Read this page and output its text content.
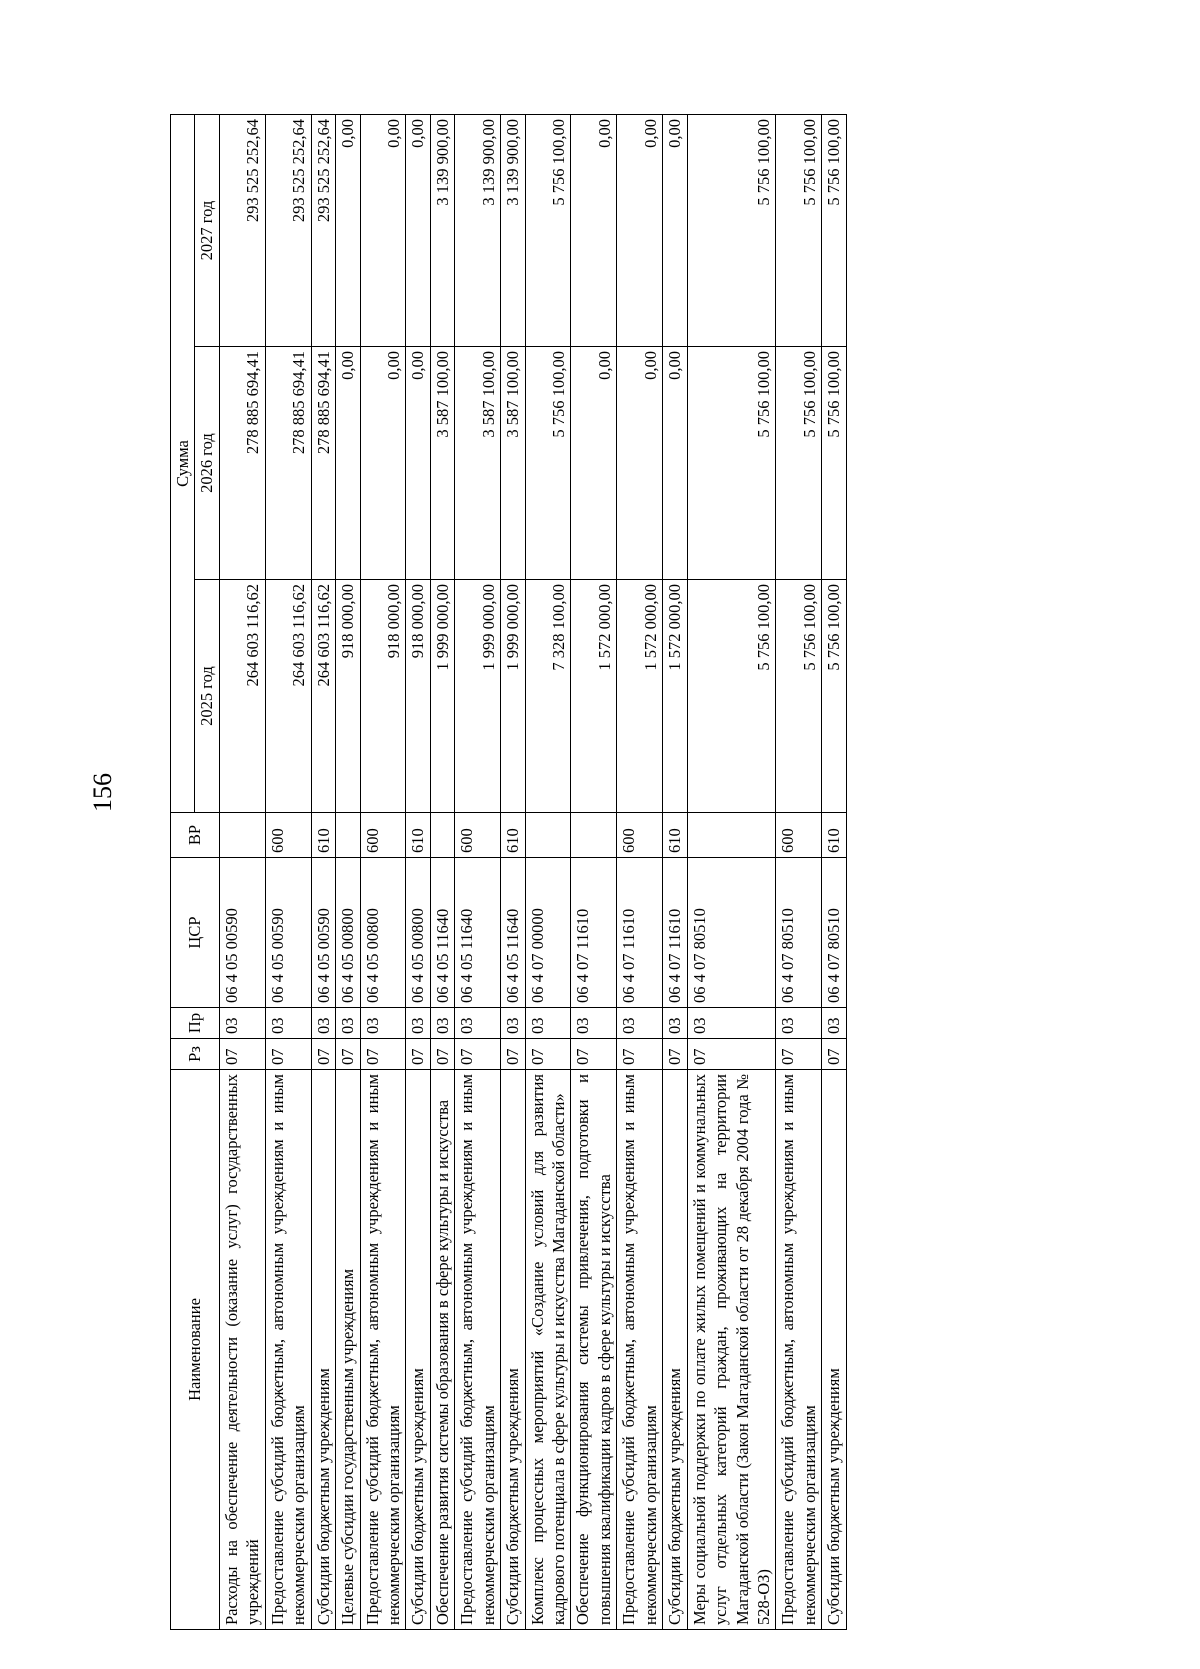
156
Наименование	Рз	Пр	ЦСР	ВР	Сумма		
					2025 год	2026 год	2027 год
Расходы на обеспечение деятельности (оказание услуг) государственных учреждений	07	03	06 4 05 00590		264 603 116,62	278 885 694,41	293 525 252,64
Предоставление субсидий бюджетным, автономным учреждениям и иным некоммерческим организациям	07	03	06 4 05 00590	600	264 603 116,62	278 885 694,41	293 525 252,64
Субсидии бюджетным учреждениям	07	03	06 4 05 00590	610	264 603 116,62	278 885 694,41	293 525 252,64
Целевые субсидии государственным учреждениям	07	03	06 4 05 00800		918 000,00	0,00	0,00
Предоставление субсидий бюджетным, автономным учреждениям и иным некоммерческим организациям	07	03	06 4 05 00800	600	918 000,00	0,00	0,00
Субсидии бюджетным учреждениям	07	03	06 4 05 00800	610	918 000,00	0,00	0,00
Обеспечение развития системы образования в сфере культуры и искусства	07	03	06 4 05 11640		1 999 000,00	3 587 100,00	3 139 900,00
Предоставление субсидий бюджетным, автономным учреждениям и иным некоммерческим организациям	07	03	06 4 05 11640	600	1 999 000,00	3 587 100,00	3 139 900,00
Субсидии бюджетным учреждениям	07	03	06 4 05 11640	610	1 999 000,00	3 587 100,00	3 139 900,00
Комплекс процессных мероприятий «Создание условий для развития кадрового потенциала в сфере культуры и искусства Магаданской области»	07	03	06 4 07 00000		7 328 100,00	5 756 100,00	5 756 100,00
Обеспечение функционирования системы привлечения, подготовки и повышения квалификации кадров в сфере культуры и искусства	07	03	06 4 07 11610		1 572 000,00	0,00	0,00
Предоставление субсидий бюджетным, автономным учреждениям и иным некоммерческим организациям	07	03	06 4 07 11610	600	1 572 000,00	0,00	0,00
Субсидии бюджетным учреждениям	07	03	06 4 07 11610	610	1 572 000,00	0,00	0,00
Меры социальной поддержки по оплате жилых помещений и коммунальных услуг отдельных категорий граждан, проживающих на территории Магаданской области (Закон Магаданской области от 28 декабря 2004 года № 528-ОЗ)	07	03	06 4 07 80510		5 756 100,00	5 756 100,00	5 756 100,00
Предоставление субсидий бюджетным, автономным учреждениям и иным некоммерческим организациям	07	03	06 4 07 80510	600	5 756 100,00	5 756 100,00	5 756 100,00
Субсидии бюджетным учреждениям	07	03	06 4 07 80510	610	5 756 100,00	5 756 100,00	5 756 100,00
